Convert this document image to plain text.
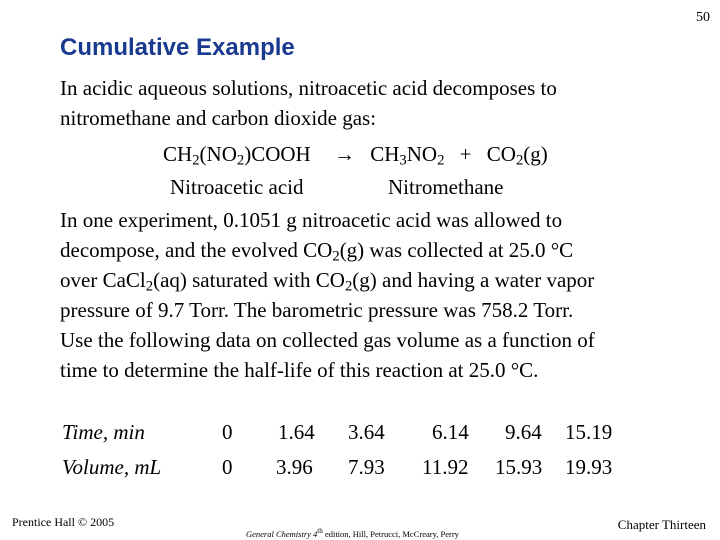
50
Cumulative Example
In acidic aqueous solutions, nitroacetic acid decomposes to
nitromethane and carbon dioxide gas:
$CH_2(NO_2)COOH \to CH_3NO_2 + CO_2(g)$
Nitroacetic acid	Nitromethane
In one experiment, 0.1051 g nitroacetic acid was allowed to
decompose, and the evolved $CO_2(g)$ was collected at 25.0 °C
over CaCl$_2$(aq) saturated with $CO_2(g)$ and having a water vapor
pressure of 9.7 Torr. The barometric pressure was 758.2 Torr.
Use the following data on collected gas volume as a function of
time to determine the half-life of this reaction at 25.0 °C.
Time, min	0 1.64 3.64 6.14 9.64 15.19
Volume, mL	0 3.96 7.93 11.92 15.93 19.93
Prentice Hall © 2005
General Chemistry 4th edition, Hill, Petrucci, McCreary, Perry
Chapter Thirteen
